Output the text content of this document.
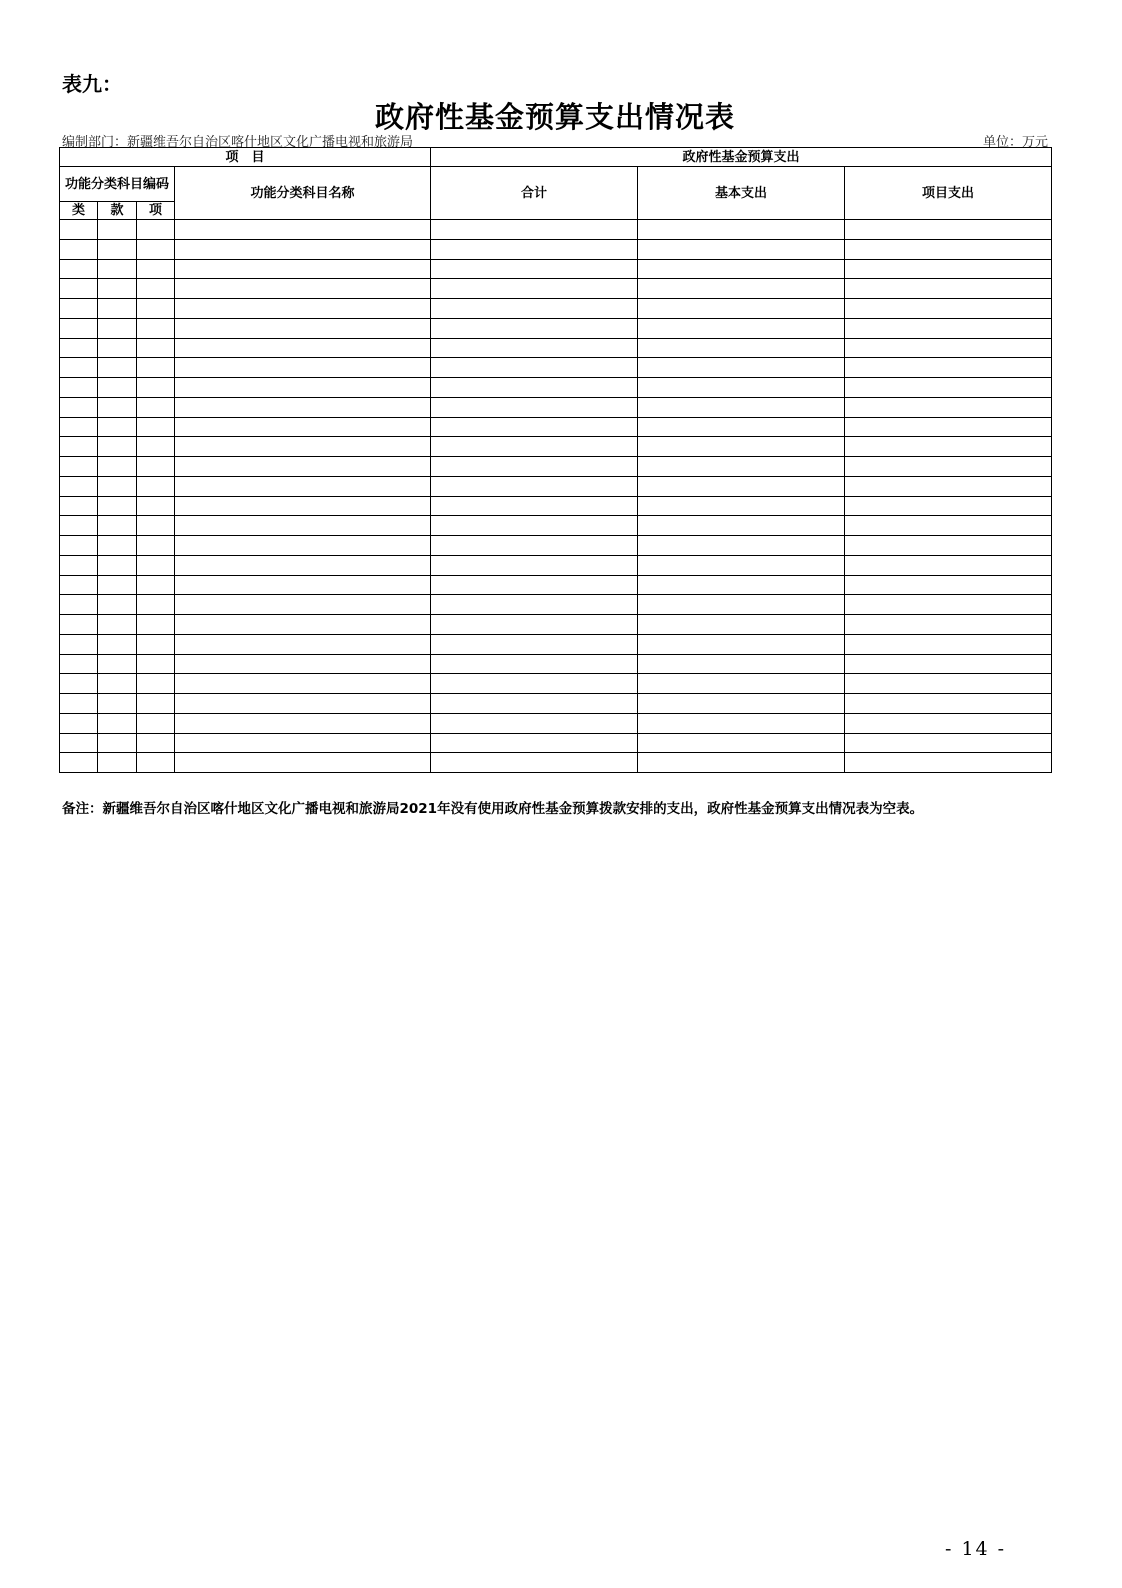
表九：
政府性基金预算支出情况表
编制部门：新疆维吾尔自治区喀什地区文化广播电视和旅游局	单位：万元
项　目				政府性基金预算支出		
功能分类科目编码			功能分类科目名称	合计	基本支出	项目支出
类	款	项				

备注：新疆维吾尔自治区喀什地区文化广播电视和旅游局2021年没有使用政府性基金预算拨款安排的支出，政府性基金预算支出情况表为空表。
- 14 -
